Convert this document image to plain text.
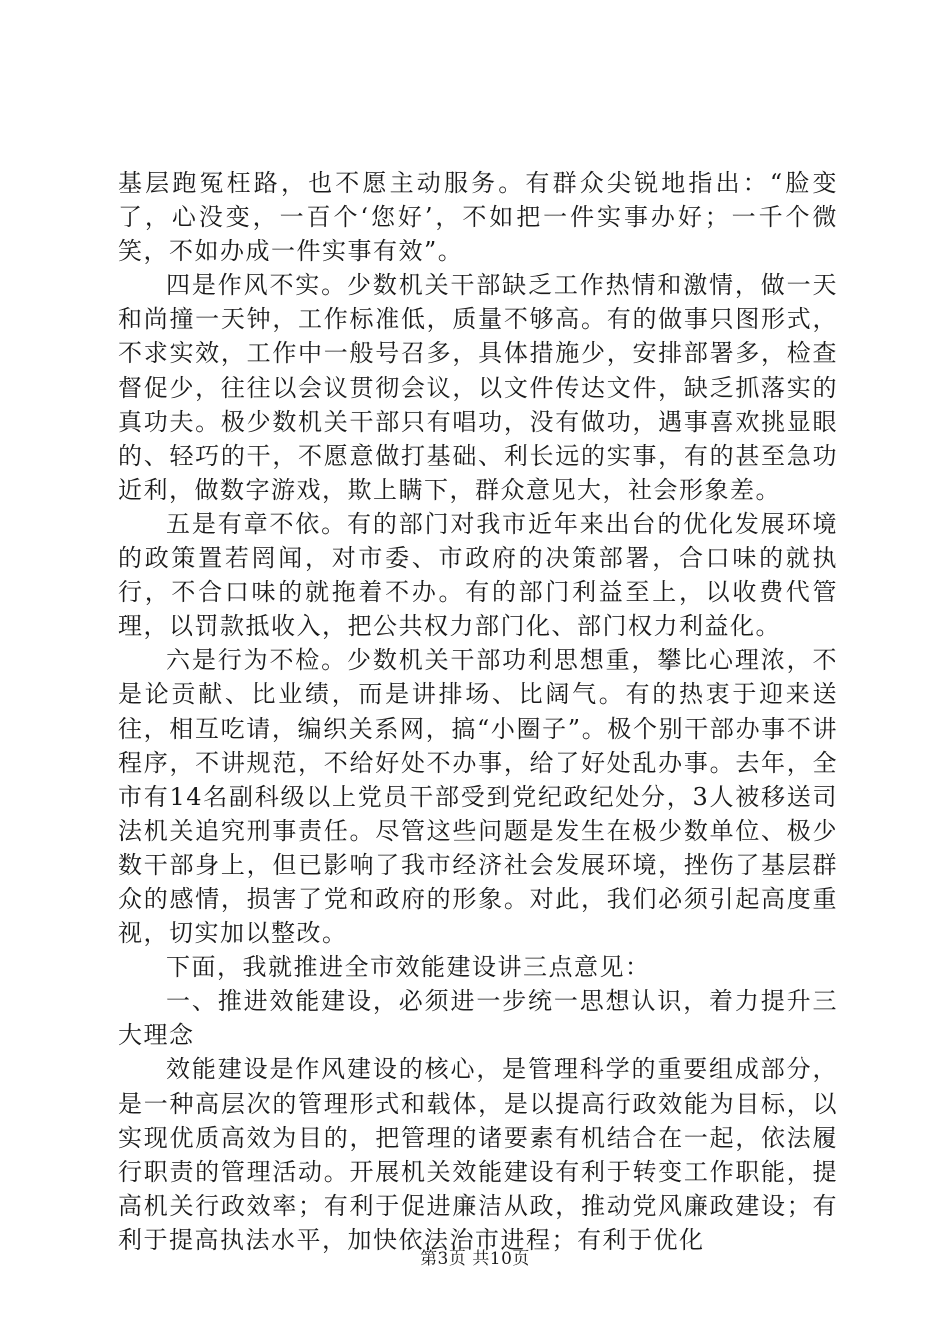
基层跑冤枉路，也不愿主动服务。有群众尖锐地指出：“脸变了，心没变，一百个‘您好’，不如把一件实事办好；一千个微笑，不如办成一件实事有效”。

四是作风不实。少数机关干部缺乏工作热情和激情，做一天和尚撞一天钟，工作标准低，质量不够高。有的做事只图形式，不求实效，工作中一般号召多，具体措施少，安排部署多，检查督促少，往往以会议贯彻会议，以文件传达文件，缺乏抓落实的真功夫。极少数机关干部只有唱功，没有做功，遇事喜欢挑显眼的、轻巧的干，不愿意做打基础、利长远的实事，有的甚至急功近利，做数字游戏，欺上瞒下，群众意见大，社会形象差。

五是有章不依。有的部门对我市近年来出台的优化发展环境的政策置若罔闻，对市委、市政府的决策部署，合口味的就执行，不合口味的就拖着不办。有的部门利益至上，以收费代管理，以罚款抵收入，把公共权力部门化、部门权力利益化。

六是行为不检。少数机关干部功利思想重，攀比心理浓，不是论贡献、比业绩，而是讲排场、比阔气。有的热衷于迎来送往，相互吃请，编织关系网，搞“小圈子”。极个别干部办事不讲程序，不讲规范，不给好处不办事，给了好处乱办事。去年，全市有14名副科级以上党员干部受到党纪政纪处分，3人被移送司法机关追究刑事责任。尽管这些问题是发生在极少数单位、极少数干部身上，但已影响了我市经济社会发展环境，挫伤了基层群众的感情，损害了党和政府的形象。对此，我们必须引起高度重视，切实加以整改。

下面，我就推进全市效能建设讲三点意见：

一、推进效能建设，必须进一步统一思想认识，着力提升三大理念

效能建设是作风建设的核心，是管理科学的重要组成部分，是一种高层次的管理形式和载体，是以提高行政效能为目标，以实现优质高效为目的，把管理的诸要素有机结合在一起，依法履行职责的管理活动。开展机关效能建设有利于转变工作职能，提高机关行政效率；有利于促进廉洁从政，推动党风廉政建设；有利于提高执法水平，加快依法治市进程；有利于优化

第3页 共10页
